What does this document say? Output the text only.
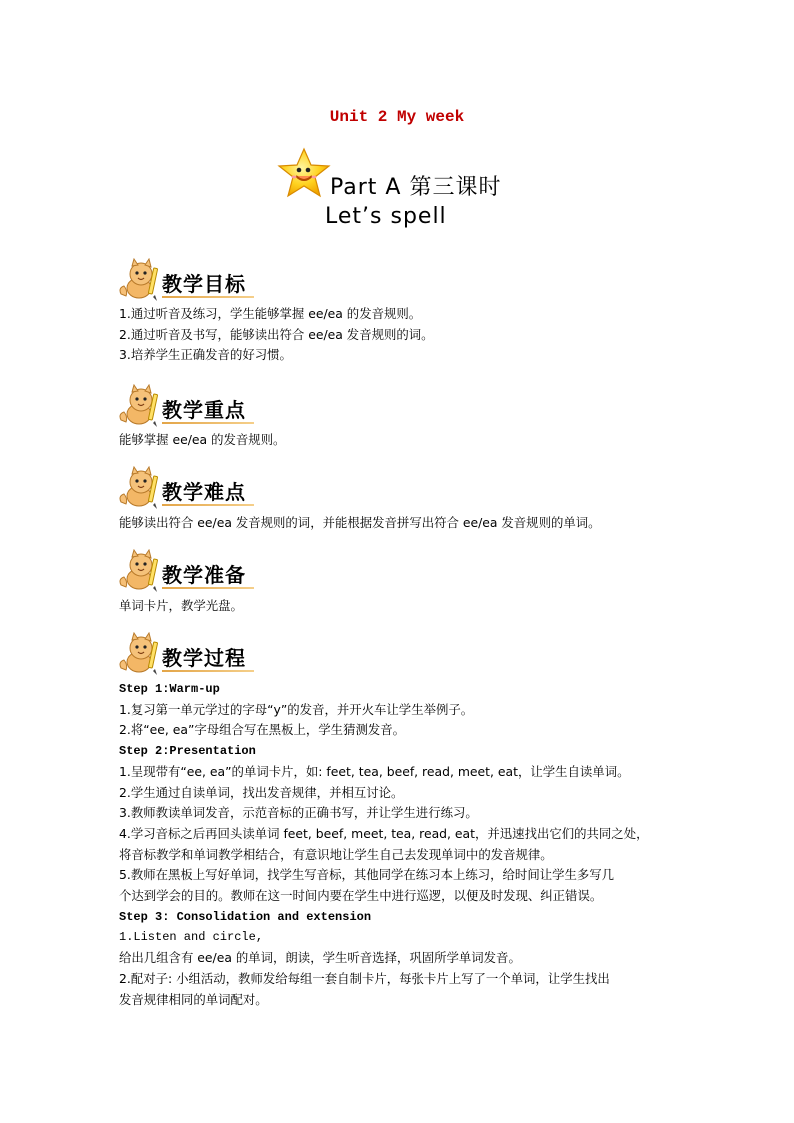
Unit 2 My week
Part A 第三课时
Let’s spell
教学目标
1.通过听音及练习，学生能够掌握 ee/ea 的发音规则。
2.通过听音及书写，能够读出符合 ee/ea 发音规则的词。
3.培养学生正确发音的好习惯。
教学重点
能够掌握 ee/ea 的发音规则。
教学难点
能够读出符合 ee/ea 发音规则的词，并能根据发音拼写出符合 ee/ea 发音规则的单词。
教学准备
单词卡片，教学光盘。
教学过程
Step 1:Warm-up
1.复习第一单元学过的字母“y”的发音，并开火车让学生举例子。
2.将“ee, ea”字母组合写在黑板上，学生猜测发音。
Step 2:Presentation
1.呈现带有“ee, ea”的单词卡片，如: feet, tea, beef, read, meet, eat，让学生自读单词。
2.学生通过自读单词，找出发音规律，并相互讨论。
3.教师教读单词发音，示范音标的正确书写，并让学生进行练习。
4.学习音标之后再回头读单词 feet, beef, meet, tea, read, eat，并迅速找出它们的共同之处，
将音标教学和单词教学相结合，有意识地让学生自己去发现单词中的发音规律。
5.教师在黑板上写好单词，找学生写音标，其他同学在练习本上练习，给时间让学生多写几
个达到学会的目的。教师在这一时间内要在学生中进行巡逻，以便及时发现、纠正错误。
Step 3: Consolidation and extension
1.Listen and circle,
给出几组含有 ee/ea 的单词，朗读，学生听音选择，巩固所学单词发音。
2.配对子: 小组活动，教师发给每组一套自制卡片，每张卡片上写了一个单词，让学生找出
发音规律相同的单词配对。
